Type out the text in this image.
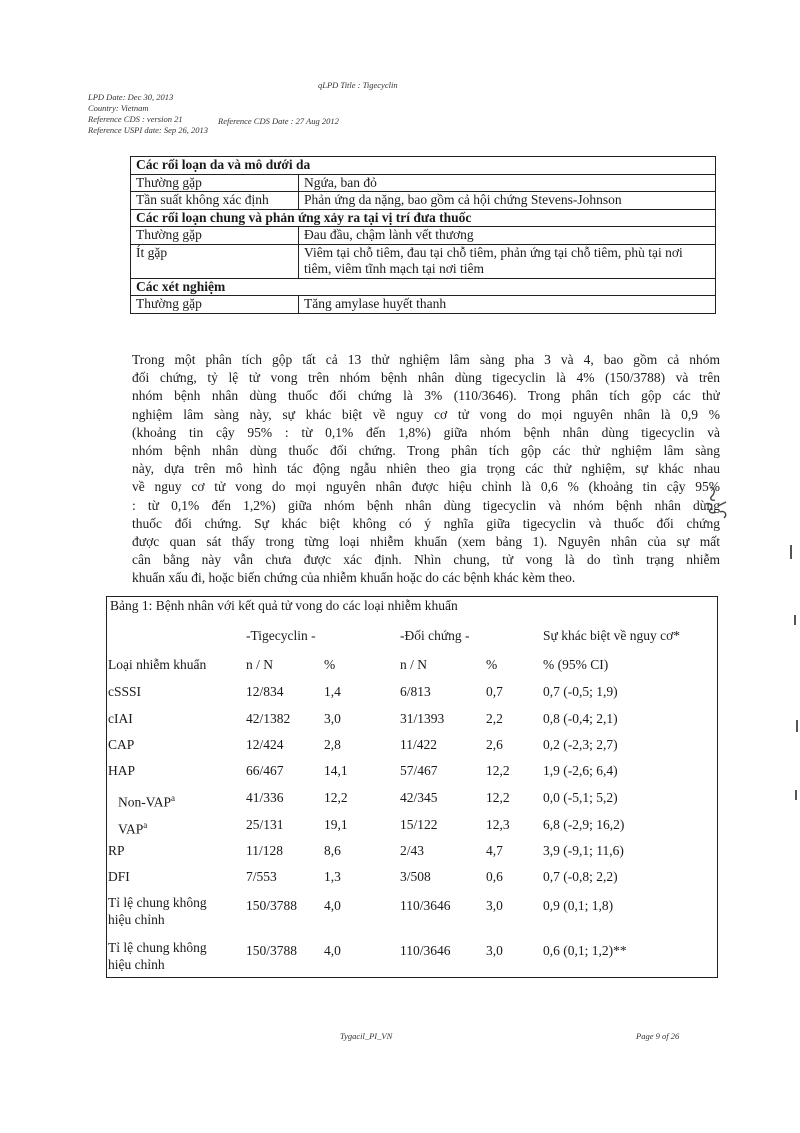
qLPD Title : Tigecyclin
LPD Date: Dec 30, 2013
Country: Vietnam
Reference CDS : version 21
Reference USPI date: Sep 26, 2013
Reference CDS Date : 27 Aug 2012
Các rối loạn da và mô dưới da	
Thường gặp	Ngứa, ban đỏ
Tần suất không xác định	Phản ứng da nặng, bao gồm cả hội chứng Stevens-Johnson
Các rối loạn chung và phản ứng xảy ra tại vị trí đưa thuốc	
Thường gặp	Đau đầu, chậm lành vết thương
Ít gặp	Viêm tại chỗ tiêm, đau tại chỗ tiêm, phản ứng tại chỗ tiêm, phù tại nơi tiêm, viêm tĩnh mạch tại nơi tiêm
Các xét nghiệm	
Thường gặp	Tăng amylase huyết thanh
Trong một phân tích gộp tất cả 13 thử nghiệm lâm sàng pha 3 và 4, bao gồm cả nhóm
đối chứng, tỷ lệ tử vong trên nhóm bệnh nhân dùng tigecyclin là 4% (150/3788) và trên
nhóm bệnh nhân dùng thuốc đối chứng là 3% (110/3646). Trong phân tích gộp các thử
nghiệm lâm sàng này, sự khác biệt về nguy cơ tử vong do mọi nguyên nhân là 0,9 %
(khoảng tin cậy 95% : từ 0,1% đến 1,8%) giữa nhóm bệnh nhân dùng tigecyclin và
nhóm bệnh nhân dùng thuốc đối chứng. Trong phân tích gộp các thử nghiệm lâm sàng
này, dựa trên mô hình tác động ngẫu nhiên theo gia trọng các thử nghiệm, sự khác nhau
về nguy cơ tử vong do mọi nguyên nhân được hiệu chỉnh là 0,6 % (khoảng tin cậy 95%
: từ 0,1% đến 1,2%) giữa nhóm bệnh nhân dùng tigecyclin và nhóm bệnh nhân dùng
thuốc đối chứng. Sự khác biệt không có ý nghĩa giữa tigecyclin và thuốc đối chứng
được quan sát thấy trong từng loại nhiễm khuẩn (xem bảng 1). Nguyên nhân của sự mất
cân bằng này vẫn chưa được xác định. Nhìn chung, tử vong là do tình trạng nhiễm
khuẩn xấu đi, hoặc biến chứng của nhiễm khuẩn hoặc do các bệnh khác kèm theo.
Bảng 1: Bệnh nhân với kết quả tử vong do các loại nhiễm khuẩn
-Tigecyclin -	-Đối chứng -	Sự khác biệt về nguy cơ*
Loại nhiễm khuẩn	n / N	%	n / N	%	% (95% CI)
cSSSI	12/834	1,4	6/813	0,7	0,7 (-0,5; 1,9)
cIAI	42/1382 3,0	31/1393	2,2	0,8 (-0,4; 2,1)
CAP	12/424	2,8	11/422	2,6	0,2 (-2,3; 2,7)
HAP	66/467	14,1	57/467	12,2 1,9 (-2,6; 6,4)
Non-VAP$^a$	41/336	12,2	42/345	12,2 0,0 (-5,1; 5,2)
VAP$^a$	25/131	19,1	15/122	12,3 6,8 (-2,9; 16,2)
RP	11/128	8,6	2/43	4,7	3,9 (-9,1; 11,6)
DFI	7/553	1,3	3/508	0,6	0,7 (-0,8; 2,2)
Tỉ lệ chung không
hiệu chỉnh
150/3788 4,0	110/3646	3,0	0,9 (0,1; 1,8)
Tỉ lệ chung không
hiệu chỉnh
150/3788 4,0	110/3646	3,0	0,6 (0,1; 1,2)**
Tygacil_PI_VN	Page 9 of 26
